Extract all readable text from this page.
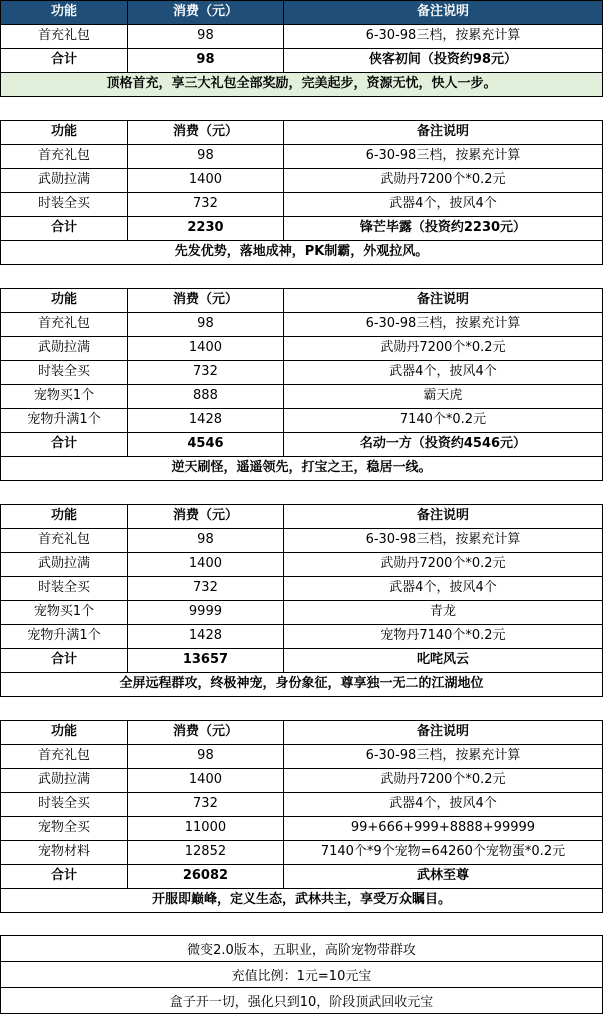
功能	消费（元）	备注说明
首充礼包	98	6-30-98三档，按累充计算
合计	98	侠客初间（投资约98元）
顶格首充，享三大礼包全部奖励，完美起步，资源无忧，快人一步。		
功能	消费（元）	备注说明
首充礼包	98	6-30-98三档，按累充计算
武勋拉满	1400	武勋丹7200个*0.2元
时装全买	732	武器4个，披风4个
合计	2230	锋芒毕露（投资约2230元）
先发优势，落地成神，PK制霸，外观拉风。		
功能	消费（元）	备注说明
首充礼包	98	6-30-98三档，按累充计算
武勋拉满	1400	武勋丹7200个*0.2元
时装全买	732	武器4个，披风4个
宠物买1个	888	霸天虎
宠物升满1个	1428	7140个*0.2元
合计	4546	名动一方（投资约4546元）
逆天刷怪，遥遥领先，打宝之王，稳居一线。		
功能	消费（元）	备注说明
首充礼包	98	6-30-98三档，按累充计算
武勋拉满	1400	武勋丹7200个*0.2元
时装全买	732	武器4个，披风4个
宠物买1个	9999	青龙
宠物升满1个	1428	宠物丹7140个*0.2元
合计	13657	叱咤风云
全屏远程群攻，终极神宠，身份象征，尊享独一无二的江湖地位		
功能	消费（元）	备注说明
首充礼包	98	6-30-98三档，按累充计算
武勋拉满	1400	武勋丹7200个*0.2元
时装全买	732	武器4个，披风4个
宠物全买	11000	99+666+999+8888+99999
宠物材料	12852	7140个*9个宠物=64260个宠物蛋*0.2元
合计	26082	武林至尊
开服即巅峰，定义生态，武林共主，享受万众瞩目。		
微变2.0版本，五职业，高阶宠物带群攻
充值比例：1元=10元宝
盒子开一切，强化只到10，阶段顶武回收元宝
